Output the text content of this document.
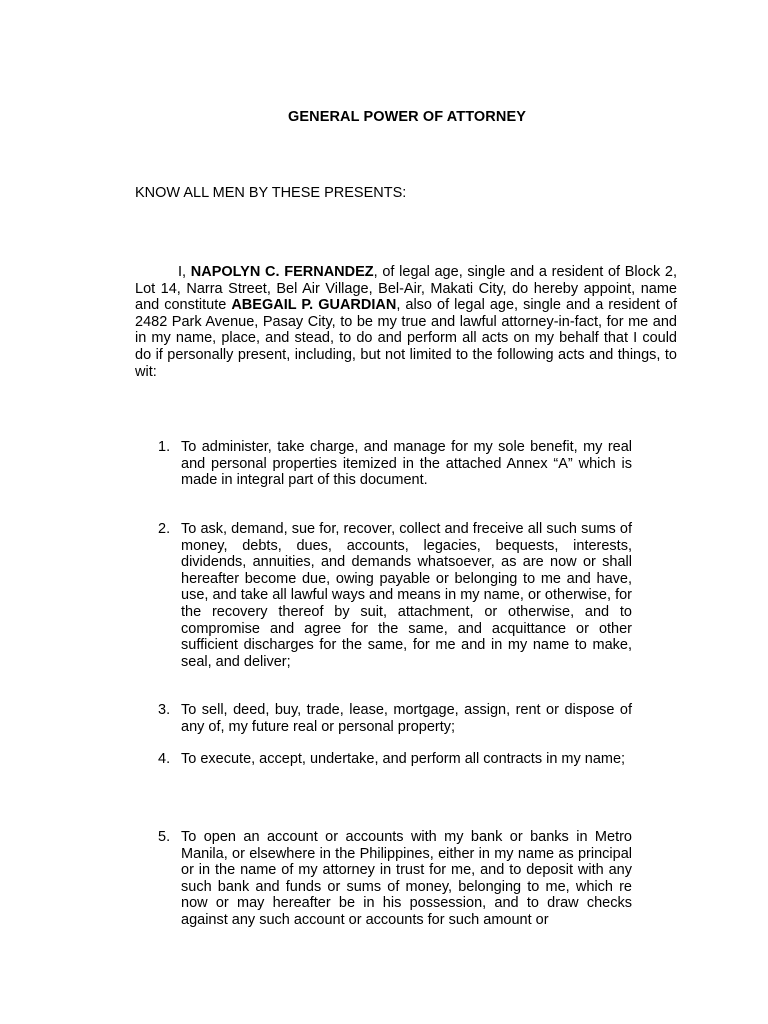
GENERAL POWER OF ATTORNEY
KNOW ALL MEN BY THESE PRESENTS:

I, NAPOLYN C. FERNANDEZ, of legal age, single and a resident of Block 2, Lot 14, Narra Street, Bel Air Village, Bel-Air, Makati City, do hereby appoint, name and constitute ABEGAIL P. GUARDIAN, also of legal age, single and a resident of 2482 Park Avenue, Pasay City, to be my true and lawful attorney-in-fact, for me and in my name, place, and stead, to do and perform all acts on my behalf that I could do if personally present, including, but not limited to the following acts and things, to wit:

1. To administer, take charge, and manage for my sole benefit, my real and personal properties itemized in the attached Annex “A” which is made in integral part of this document.
2. To ask, demand, sue for, recover, collect and freceive all such sums of money, debts, dues, accounts, legacies, bequests, interests, dividends, annuities, and demands whatsoever, as are now or shall hereafter become due, owing payable or belonging to me and have, use, and take all lawful ways and means in my name, or otherwise, for the recovery thereof by suit, attachment, or otherwise, and to compromise and agree for the same, and acquittance or other sufficient discharges for the same, for me and in my name to make, seal, and deliver;
3. To sell, deed, buy, trade, lease, mortgage, assign, rent or dispose of any of, my future real or personal property;
4. To execute, accept, undertake, and perform all contracts in my name;
5. To open an account or accounts with my bank or banks in Metro Manila, or elsewhere in the Philippines, either in my name as principal or in the name of my attorney in trust for me, and to deposit with any such bank and funds or sums of money, belonging to me, which re now or may hereafter be in his possession, and to draw checks against any such account or accounts for such amount or
